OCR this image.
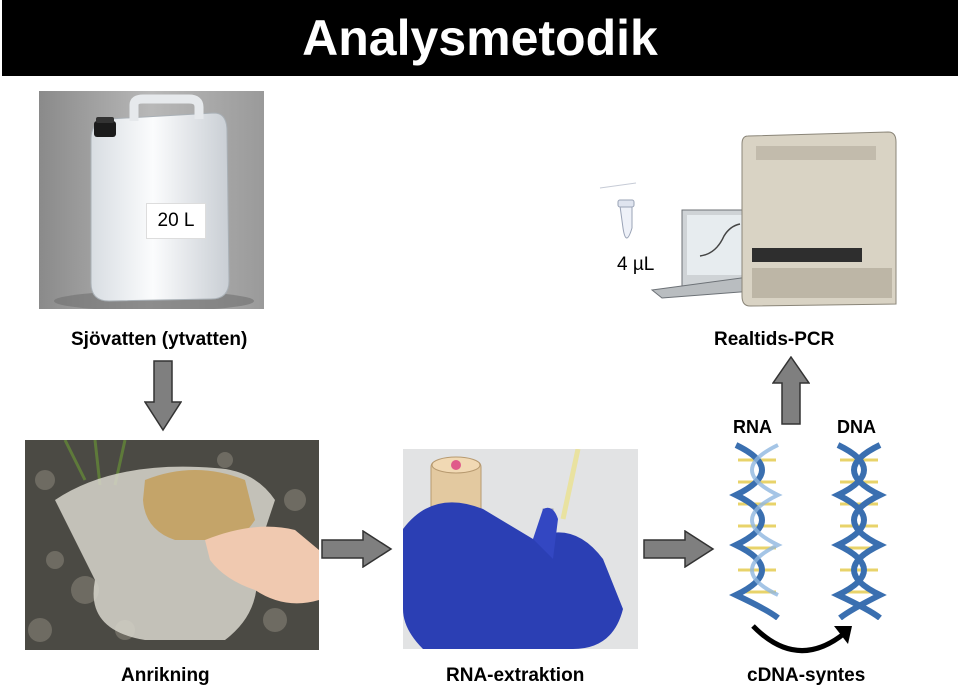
Analysmetodik
20 L
Sjövatten (ytvatten)
4 µL
Realtids-PCR
RNA	DNA
Anrikning	RNA-extraktion	cDNA-syntes
